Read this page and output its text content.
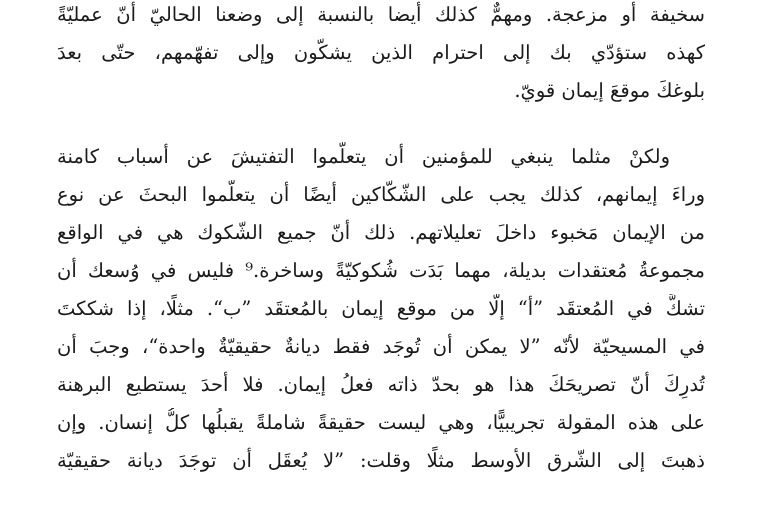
سخيفة أو مزعجة. ومهمٌّ كذلك أيضا بالنسبة إلى وضعنا الحاليّ أنّ عمليّةً
كهذه ستؤدّي بك إلى احترام الذين يشكّون وإلى تفهّمهم، حتّى بعدَ
بلوغكَ موقعَ إيمان قويّ.
ولكنْ مثلما ينبغي للمؤمنين أن يتعلّموا التفتيشَ عن أسباب كامنة
وراءَ إيمانهم، كذلك يجب على الشّكّاكين أيضًا أن يتعلّموا البحثَ عن نوع
من الإيمان مَخبوء داخلَ تعليلاتهم. ذلك أنّ جميع الشّكوك هي في الواقع
مجموعةُ مُعتقدات بديلة، مهما بَدَت شُكوكيّةً وساخرة.⁹ فليس في وُسعك أن
تشكَّ في المُعتقَد ”أ“ إلّا من موقع إيمان بالمُعتقَد ”ب“. مثلًا، إذا شككتَ
في المسيحيّة لأنّه ”لا يمكن أن تُوجَد فقط ديانةٌ حقيقيّةٌ واحدة“، وجبَ أن
تُدرِكَ أنّ تصريحَكَ هذا هو بحدّ ذاته فعلُ إيمان. فلا أحدَ يستطيع البرهنة
على هذه المقولة تجريبيًّا، وهي ليست حقيقةً شاملةً يقبلُها كلُّ إنسان. وإن
ذهبتَ إلى الشّرق الأوسط مثلًا وقلت: ”لا يُعقَل أن توجَدَ ديانة حقيقيّة
